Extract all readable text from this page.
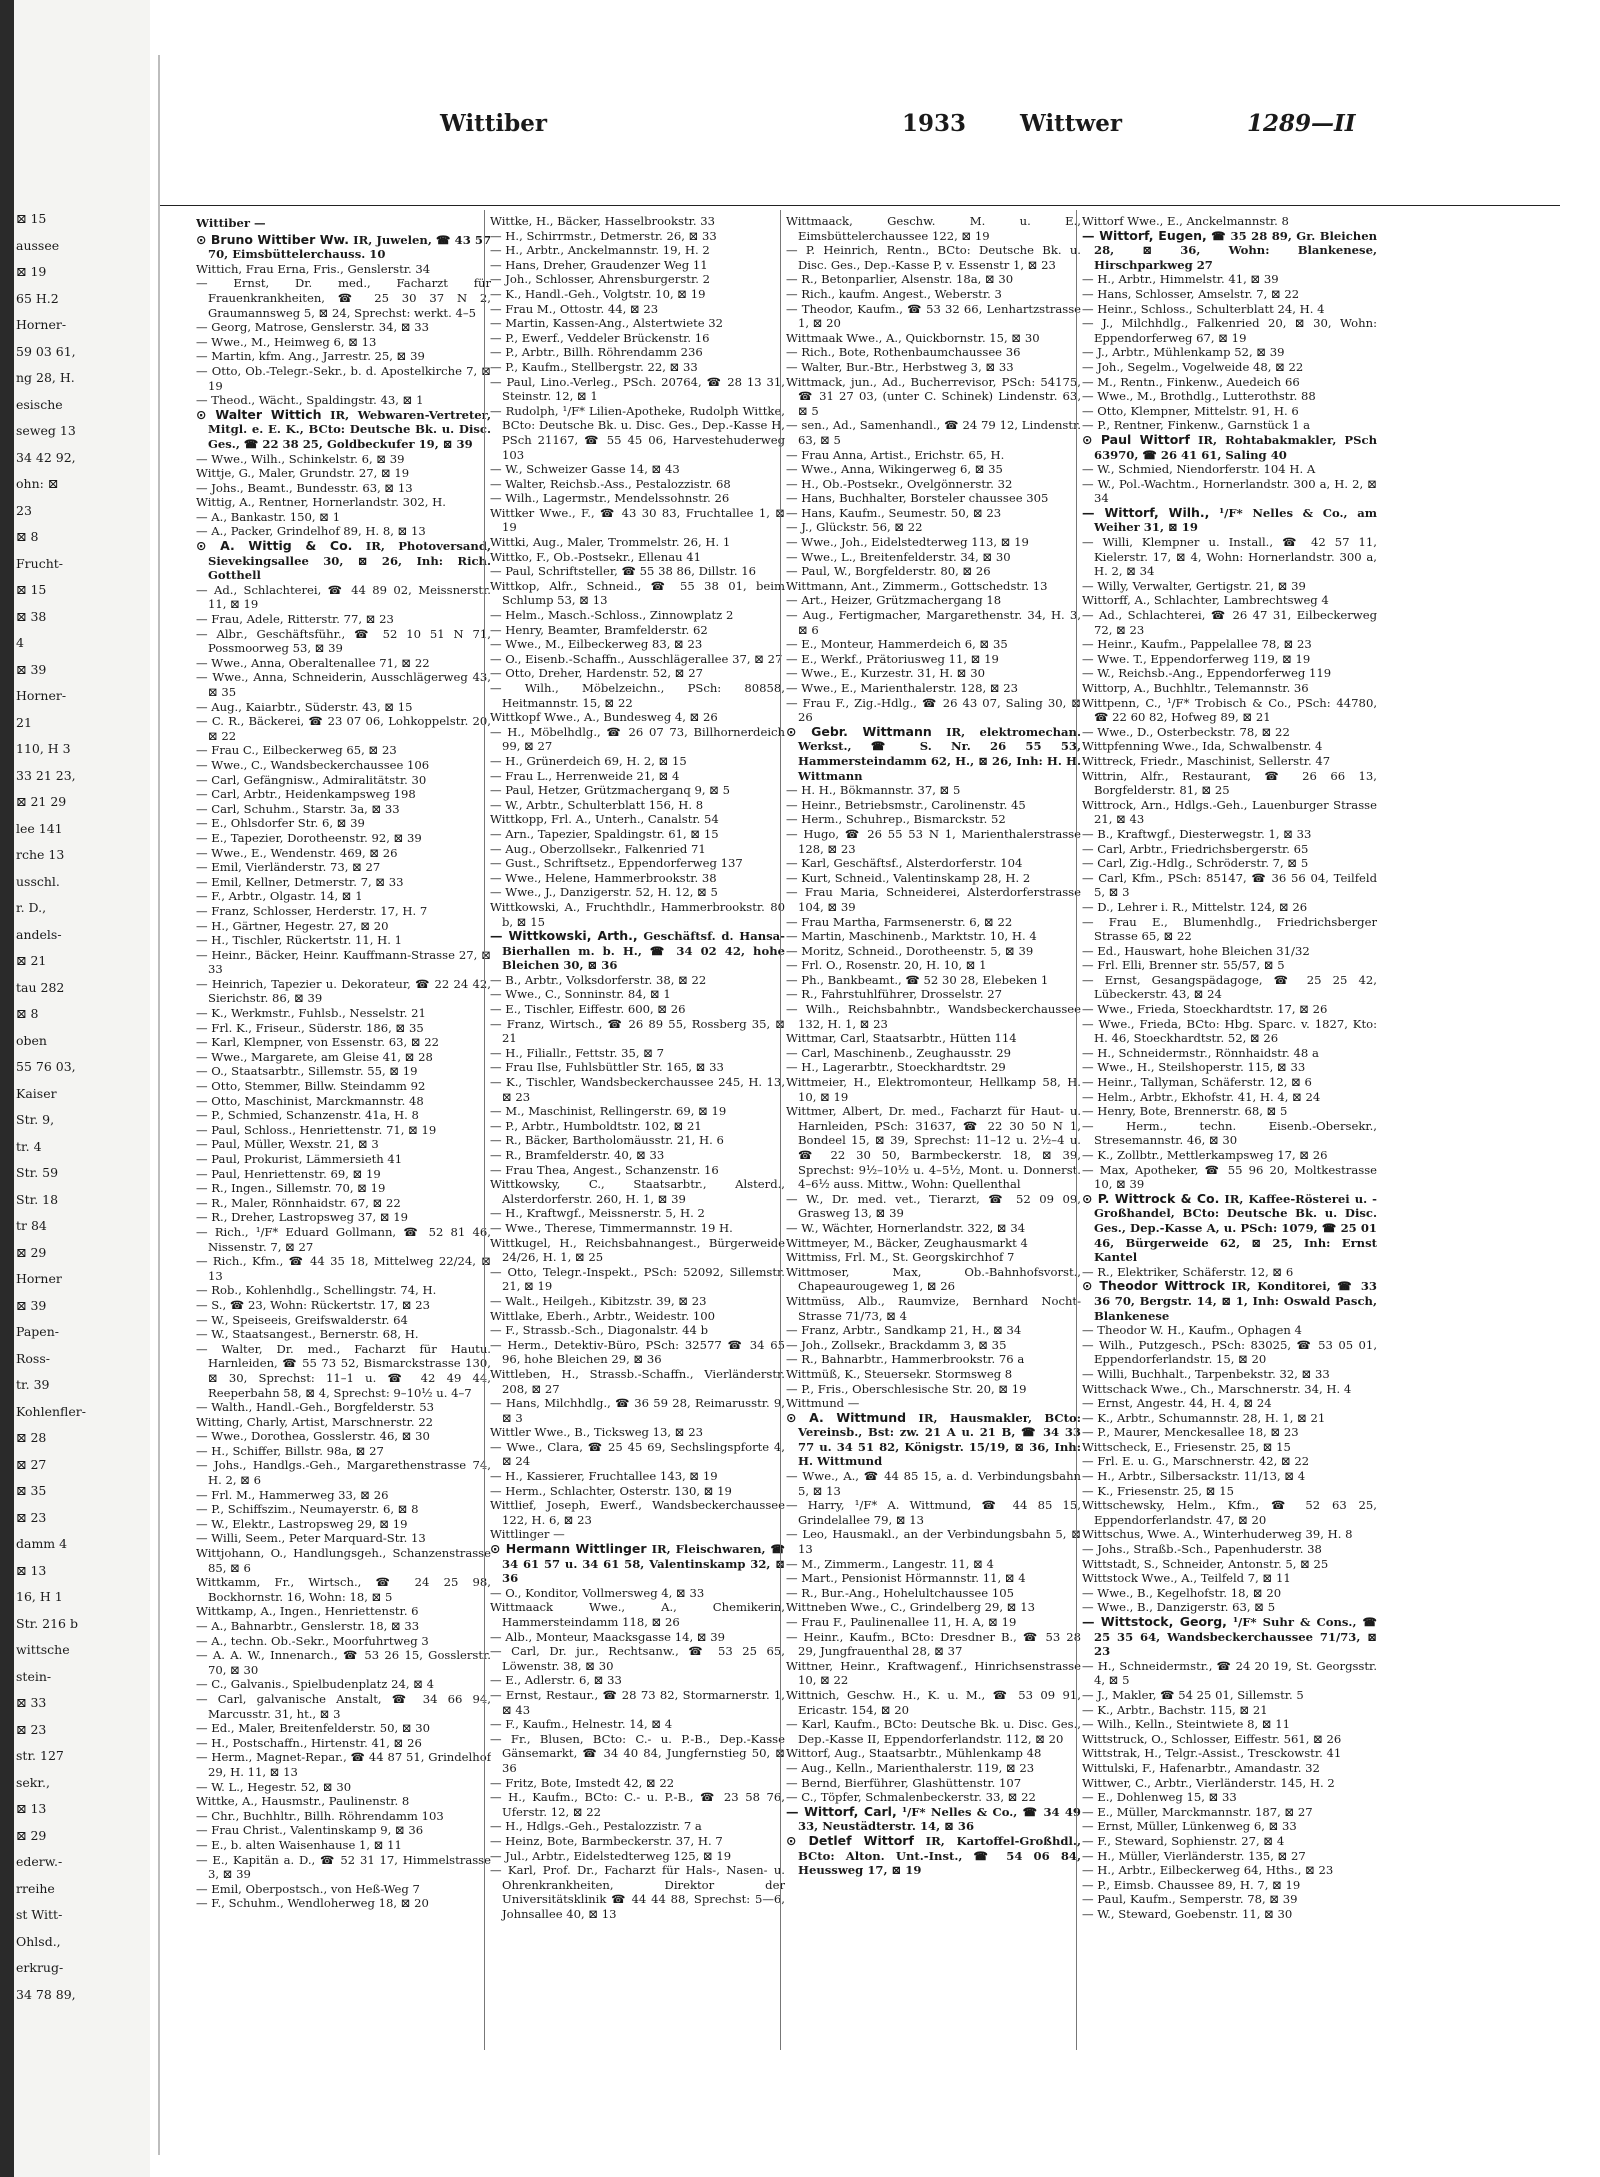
⊠ 15
aussee
⊠ 19
65 H.2
Horner-
59 03 61,
ng 28, H.
esische
seweg 13
34 42 92,
ohn: ⊠
23
⊠ 8
Frucht-
⊠ 15
⊠ 38
4
⊠ 39
Horner-
21
110, H 3
33 21 23,
⊠ 21 29
lee 141
rche 13
usschl.
r. D.,
andels-
⊠ 21
tau 282
⊠ 8
oben
55 76 03,
Kaiser
Str. 9,
tr. 4
Str. 59
Str. 18
tr 84
⊠ 29
Horner
⊠ 39
Papen-
Ross-
tr. 39
Kohlenfler-
⊠ 28
⊠ 27
⊠ 35
⊠ 23
damm 4
⊠ 13
16, H 1
Str. 216 b
wittsche
stein-
⊠ 33
⊠ 23
str. 127
sekr.,
⊠ 13
⊠ 29
ederw.-
rreihe
st Witt-
Ohlsd.,
erkrug-
34 78 89,
Wittiber	1933 Wittwer	1289—II

Wittiber —

⊙ Bruno Wittiber Ww. IR, Juwelen, ☎ 43 57 70, Eimsbüttelerchauss. 10

Wittich, Frau Erna, Fris., Genslerstr. 34

— Ernst, Dr. med., Facharzt für Frauenkrankheiten, ☎ 25 30 37 N 2, Graumannsweg 5, ⊠ 24, Sprechst: werkt. 4–5

— Georg, Matrose, Genslerstr. 34, ⊠ 33

— Wwe., M., Heimweg 6, ⊠ 13

— Martin, kfm. Ang., Jarrestr. 25, ⊠ 39

— Otto, Ob.-Telegr.-Sekr., b. d. Apostelkirche 7, ⊠ 19

— Theod., Wächt., Spaldingstr. 43, ⊠ 1

⊙ Walter Wittich IR, Webwaren-Vertreter, Mitgl. e. E. K., BCto: Deutsche Bk. u. Disc. Ges., ☎ 22 38 25, Goldbeckufer 19, ⊠ 39

— Wwe., Wilh., Schinkelstr. 6, ⊠ 39

Wittje, G., Maler, Grundstr. 27, ⊠ 19

— Johs., Beamt., Bundesstr. 63, ⊠ 13

Wittig, A., Rentner, Hornerlandstr. 302, H.

— A., Bankastr. 150, ⊠ 1

— A., Packer, Grindelhof 89, H. 8, ⊠ 13

⊙ A. Wittig & Co. IR, Photoversand, Sievekingsallee 30, ⊠ 26, Inh: Rich. Gotthell

— Ad., Schlachterei, ☎ 44 89 02, Meissnerstr. 11, ⊠ 19

— Frau, Adele, Ritterstr. 77, ⊠ 23

— Albr., Geschäftsführ., ☎ 52 10 51 N 71, Possmoorweg 53, ⊠ 39

— Wwe., Anna, Oberaltenallee 71, ⊠ 22

— Wwe., Anna, Schneiderin, Ausschlägerweg 43, ⊠ 35

— Aug., Kaiarbtr., Süderstr. 43, ⊠ 15

— C. R., Bäckerei, ☎ 23 07 06, Lohkoppelstr. 20, ⊠ 22

— Frau C., Eilbeckerweg 65, ⊠ 23

— Wwe., C., Wandsbeckerchaussee 106

— Carl, Gefängnisw., Admiralitätstr. 30

— Carl, Arbtr., Heidenkampsweg 198

— Carl, Schuhm., Starstr. 3a, ⊠ 33

— E., Ohlsdorfer Str. 6, ⊠ 39

— E., Tapezier, Dorotheenstr. 92, ⊠ 39

— Wwe., E., Wendenstr. 469, ⊠ 26

— Emil, Vierländerstr. 73, ⊠ 27

— Emil, Kellner, Detmerstr. 7, ⊠ 33

— F., Arbtr., Olgastr. 14, ⊠ 1

— Franz, Schlosser, Herderstr. 17, H. 7

— H., Gärtner, Hegestr. 27, ⊠ 20

— H., Tischler, Rückertstr. 11, H. 1

— Heinr., Bäcker, Heinr. Kauffmann-Strasse 27, ⊠ 33

— Heinrich, Tapezier u. Dekorateur, ☎ 22 24 42, Sierichstr. 86, ⊠ 39

— K., Werkmstr., Fuhlsb., Nesselstr. 21

— Frl. K., Friseur., Süderstr. 186, ⊠ 35

— Karl, Klempner, von Essenstr. 63, ⊠ 22

— Wwe., Margarete, am Gleise 41, ⊠ 28

— O., Staatsarbtr., Sillemstr. 55, ⊠ 19

— Otto, Stemmer, Billw. Steindamm 92

— Otto, Maschinist, Marckmannstr. 48

— P., Schmied, Schanzenstr. 41a, H. 8

— Paul, Schloss., Henriettenstr. 71, ⊠ 19

— Paul, Müller, Wexstr. 21, ⊠ 3

— Paul, Prokurist, Lämmersieth 41

— Paul, Henriettenstr. 69, ⊠ 19

— R., Ingen., Sillemstr. 70, ⊠ 19

— R., Maler, Rönnhaidstr. 67, ⊠ 22

— R., Dreher, Lastropsweg 37, ⊠ 19

— Rich., ¹/F* Eduard Gollmann, ☎ 52 81 46, Nissenstr. 7, ⊠ 27

— Rich., Kfm., ☎ 44 35 18, Mittelweg 22/24, ⊠ 13

— Rob., Kohlenhdlg., Schellingstr. 74, H.

— S., ☎ 23, Wohn: Rückertstr. 17, ⊠ 23

— W., Speiseeis, Greifswalderstr. 64

— W., Staatsangest., Bernerstr. 68, H.

— Walter, Dr. med., Facharzt für Hautu. Harnleiden, ☎ 55 73 52, Bismarckstrasse 130, ⊠ 30, Sprechst: 11–1 u. ☎ 42 49 44, Reeperbahn 58, ⊠ 4, Sprechst: 9–10¹⁄₂ u. 4–7

— Walth., Handl.-Geh., Borgfelderstr. 53

Witting, Charly, Artist, Marschnerstr. 22

— Wwe., Dorothea, Gosslerstr. 46, ⊠ 30

— H., Schiffer, Billstr. 98a, ⊠ 27

— Johs., Handlgs.-Geh., Margarethenstrasse 74, H. 2, ⊠ 6

— Frl. M., Hammerweg 33, ⊠ 26

— P., Schiffszim., Neumayerstr. 6, ⊠ 8

— W., Elektr., Lastropsweg 29, ⊠ 19

— Willi, Seem., Peter Marquard-Str. 13

Wittjohann, O., Handlungsgeh., Schanzenstrasse 85, ⊠ 6

Wittkamm, Fr., Wirtsch., ☎ 24 25 98, Bockhornstr. 16, Wohn: 18, ⊠ 5

Wittkamp, A., Ingen., Henriettenstr. 6

— A., Bahnarbtr., Genslerstr. 18, ⊠ 33

— A., techn. Ob.-Sekr., Moorfuhrtweg 3

— A. A. W., Innenarch., ☎ 53 26 15, Gosslerstr. 70, ⊠ 30

— C., Galvanis., Spielbudenplatz 24, ⊠ 4

— Carl, galvanische Anstalt, ☎ 34 66 94, Marcusstr. 31, ht., ⊠ 3

— Ed., Maler, Breitenfelderstr. 50, ⊠ 30

— H., Postschaffn., Hirtenstr. 41, ⊠ 26

— Herm., Magnet-Repar., ☎ 44 87 51, Grindelhof 29, H. 11, ⊠ 13

— W. L., Hegestr. 52, ⊠ 30

Wittke, A., Hausmstr., Paulinenstr. 8

— Chr., Buchhltr., Billh. Röhrendamm 103

— Frau Christ., Valentinskamp 9, ⊠ 36

— E., b. alten Waisenhause 1, ⊠ 11

— E., Kapitän a. D., ☎ 52 31 17, Himmelstrasse 3, ⊠ 39

— Emil, Oberpostsch., von Heß-Weg 7

— F., Schuhm., Wendloherweg 18, ⊠ 20

Wittke, H., Bäcker, Hasselbrookstr. 33

— H., Schirrmstr., Detmerstr. 26, ⊠ 33

— H., Arbtr., Anckelmannstr. 19, H. 2

— Hans, Dreher, Graudenzer Weg 11

— Joh., Schlosser, Ahrensburgerstr. 2

— K., Handl.-Geh., Volgtstr. 10, ⊠ 19

— Frau M., Ottostr. 44, ⊠ 23

— Martin, Kassen-Ang., Alstertwiete 32

— P., Ewerf., Veddeler Brückenstr. 16

— P., Arbtr., Billh. Röhrendamm 236

— P., Kaufm., Stellbergstr. 22, ⊠ 33

— Paul, Lino.-Verleg., PSch. 20764, ☎ 28 13 31, Steinstr. 12, ⊠ 1

— Rudolph, ¹/F* Lilien-Apotheke, Rudolph Wittke, BCto: Deutsche Bk. u. Disc. Ges., Dep.-Kasse H, PSch 21167, ☎ 55 45 06, Harvestehuderweg 103

— W., Schweizer Gasse 14, ⊠ 43

— Walter, Reichsb.-Ass., Pestalozzistr. 68

— Wilh., Lagermstr., Mendelssohnstr. 26

Wittker Wwe., F., ☎ 43 30 83, Fruchtallee 1, ⊠ 19

Wittki, Aug., Maler, Trommelstr. 26, H. 1

Wittko, F., Ob.-Postsekr., Ellenau 41

— Paul, Schriftsteller, ☎ 55 38 86, Dillstr. 16

Wittkop, Alfr., Schneid., ☎ 55 38 01, beim Schlump 53, ⊠ 13

— Helm., Masch.-Schloss., Zinnowplatz 2

— Henry, Beamter, Bramfelderstr. 62

— Wwe., M., Eilbeckerweg 83, ⊠ 23

— O., Eisenb.-Schaffn., Ausschlägerallee 37, ⊠ 27

— Otto, Dreher, Hardenstr. 52, ⊠ 27

— Wilh., Möbelzeichn., PSch: 80858, Heitmannstr. 15, ⊠ 22

Wittkopf Wwe., A., Bundesweg 4, ⊠ 26

— H., Möbelhdlg., ☎ 26 07 73, Billhornerdeich 99, ⊠ 27

— H., Grünerdeich 69, H. 2, ⊠ 15

— Frau L., Herrenweide 21, ⊠ 4

— Paul, Hetzer, Grützmacherganq 9, ⊠ 5

— W., Arbtr., Schulterblatt 156, H. 8

Wittkopp, Frl. A., Unterh., Canalstr. 54

— Arn., Tapezier, Spaldingstr. 61, ⊠ 15

— Aug., Oberzollsekr., Falkenried 71

— Gust., Schriftsetz., Eppendorferweg 137

— Wwe., Helene, Hammerbrookstr. 38

— Wwe., J., Danzigerstr. 52, H. 12, ⊠ 5

Wittkowski, A., Fruchthdlr., Hammerbrookstr. 80 b, ⊠ 15

— Wittkowski, Arth., Geschäftsf. d. Hansa-Bierhallen m. b. H., ☎ 34 02 42, hohe Bleichen 30, ⊠ 36

— B., Arbtr., Volksdorferstr. 38, ⊠ 22

— Wwe., C., Sonninstr. 84, ⊠ 1

— E., Tischler, Eiffestr. 600, ⊠ 26

— Franz, Wirtsch., ☎ 26 89 55, Rossberg 35, ⊠ 21

— H., Filiallr., Fettstr. 35, ⊠ 7

— Frau Ilse, Fuhlsbüttler Str. 165, ⊠ 33

— K., Tischler, Wandsbeckerchaussee 245, H. 13, ⊠ 23

— M., Maschinist, Rellingerstr. 69, ⊠ 19

— P., Arbtr., Humboldtstr. 102, ⊠ 21

— R., Bäcker, Bartholomäusstr. 21, H. 6

— R., Bramfelderstr. 40, ⊠ 33

— Frau Thea, Angest., Schanzenstr. 16

Wittkowsky, C., Staatsarbtr., Alsterd., Alsterdorferstr. 260, H. 1, ⊠ 39

— H., Kraftwgf., Meissnerstr. 5, H. 2

— Wwe., Therese, Timmermannstr. 19 H.

Wittkugel, H., Reichsbahnangest., Bürgerweide 24/26, H. 1, ⊠ 25

— Otto, Telegr.-Inspekt., PSch: 52092, Sillemstr. 21, ⊠ 19

— Walt., Heilgeh., Kibitzstr. 39, ⊠ 23

Wittlake, Eberh., Arbtr., Weidestr. 100

— F., Strassb.-Sch., Diagonalstr. 44 b

— Herm., Detektiv-Büro, PSch: 32577 ☎ 34 65 96, hohe Bleichen 29, ⊠ 36

Wittleben, H., Strassb.-Schaffn., Vierländerstr. 208, ⊠ 27

— Hans, Milchhdlg., ☎ 36 59 28, Reimarusstr. 9, ⊠ 3

Wittler Wwe., B., Ticksweg 13, ⊠ 23

— Wwe., Clara, ☎ 25 45 69, Sechslingspforte 4, ⊠ 24

— H., Kassierer, Fruchtallee 143, ⊠ 19

— Herm., Schlachter, Osterstr. 130, ⊠ 19

Wittlief, Joseph, Ewerf., Wandsbeckerchaussee 122, H. 6, ⊠ 23

Wittlinger —

⊙ Hermann Wittlinger IR, Fleischwaren, ☎ 34 61 57 u. 34 61 58, Valentinskamp 32, ⊠ 36

— O., Konditor, Vollmersweg 4, ⊠ 33

Wittmaack Wwe., A., Chemikerin, Hammersteindamm 118, ⊠ 26

— Alb., Monteur, Maacksgasse 14, ⊠ 39

— Carl, Dr. jur., Rechtsanw., ☎ 53 25 65, Löwenstr. 38, ⊠ 30

— E., Adlerstr. 6, ⊠ 33

— Ernst, Restaur., ☎ 28 73 82, Stormarnerstr. 1, ⊠ 43

— F., Kaufm., Helnestr. 14, ⊠ 4

— Fr., Blusen, BCto: C.- u. P.-B., Dep.-Kasse Gänsemarkt, ☎ 34 40 84, Jungfernstieg 50, ⊠ 36

— Fritz, Bote, Imstedt 42, ⊠ 22

— H., Kaufm., BCto: C.- u. P.-B., ☎ 23 58 76, Uferstr. 12, ⊠ 22

— H., Hdlgs.-Geh., Pestalozzistr. 7 a

— Heinz, Bote, Barmbeckerstr. 37, H. 7

— Jul., Arbtr., Eidelstedterweg 125, ⊠ 19

— Karl, Prof. Dr., Facharzt für Hals-, Nasen- u. Ohrenkrankheiten, Direktor der Universitätsklinik ☎ 44 44 88, Sprechst: 5—6, Johnsallee 40, ⊠ 13

Wittmaack, Geschw. M. u. E., Eimsbüttelerchaussee 122, ⊠ 19

— P. Heinrich, Rentn., BCto: Deutsche Bk. u. Disc. Ges., Dep.-Kasse P, v. Essenstr 1, ⊠ 23

— R., Betonparlier, Alsenstr. 18a, ⊠ 30

— Rich., kaufm. Angest., Weberstr. 3

— Theodor, Kaufm., ☎ 53 32 66, Lenhartzstrasse 1, ⊠ 20

Wittmaak Wwe., A., Quickbornstr. 15, ⊠ 30

— Rich., Bote, Rothenbaumchaussee 36

— Walter, Bur.-Btr., Herbstweg 3, ⊠ 33

Wittmack, jun., Ad., Bucherrevisor, PSch: 54175, ☎ 31 27 03, (unter C. Schinek) Lindenstr. 63, ⊠ 5

— sen., Ad., Samenhandl., ☎ 24 79 12, Lindenstr. 63, ⊠ 5

— Frau Anna, Artist., Erichstr. 65, H.

— Wwe., Anna, Wikingerweg 6, ⊠ 35

— H., Ob.-Postsekr., Ovelgönnerstr. 32

— Hans, Buchhalter, Borsteler chaussee 305

— Hans, Kaufm., Seumestr. 50, ⊠ 23

— J., Glückstr. 56, ⊠ 22

— Wwe., Joh., Eidelstedterweg 113, ⊠ 19

— Wwe., L., Breitenfelderstr. 34, ⊠ 30

— Paul, W., Borgfelderstr. 80, ⊠ 26

Wittmann, Ant., Zimmerm., Gottschedstr. 13

— Art., Heizer, Grützmachergang 18

— Aug., Fertigmacher, Margarethenstr. 34, H. 3, ⊠ 6

— E., Monteur, Hammerdeich 6, ⊠ 35

— E., Werkf., Prätoriusweg 11, ⊠ 19

— Wwe., E., Kurzestr. 31, H. ⊠ 30

— Wwe., E., Marienthalerstr. 128, ⊠ 23

— Frau F., Zig.-Hdlg., ☎ 26 43 07, Saling 30, ⊠ 26

⊙ Gebr. Wittmann IR, elektromechan. Werkst., ☎ S. Nr. 26 55 53, Hammersteindamm 62, H., ⊠ 26, Inh: H. H. Wittmann

— H. H., Bökmannstr. 37, ⊠ 5

— Heinr., Betriebsmstr., Carolinenstr. 45

— Herm., Schuhrep., Bismarckstr. 52

— Hugo, ☎ 26 55 53 N 1, Marienthalerstrasse 128, ⊠ 23

— Karl, Geschäftsf., Alsterdorferstr. 104

— Kurt, Schneid., Valentinskamp 28, H. 2

— Frau Maria, Schneiderei, Alsterdorferstrasse 104, ⊠ 39

— Frau Martha, Farmsenerstr. 6, ⊠ 22

— Martin, Maschinenb., Marktstr. 10, H. 4

— Moritz, Schneid., Dorotheenstr. 5, ⊠ 39

— Frl. O., Rosenstr. 20, H. 10, ⊠ 1

— Ph., Bankbeamt., ☎ 52 30 28, Elebeken 1

— R., Fahrstuhlführer, Drosselstr. 27

— Wilh., Reichsbahnbtr., Wandsbeckerchaussee 132, H. 1, ⊠ 23

Wittmar, Carl, Staatsarbtr., Hütten 114

— Carl, Maschinenb., Zeughausstr. 29

— H., Lagerarbtr., Stoeckhardtstr. 29

Wittmeier, H., Elektromonteur, Hellkamp 58, H. 10, ⊠ 19

Wittmer, Albert, Dr. med., Facharzt für Haut- u. Harnleiden, PSch: 31637, ☎ 22 30 50 N 1, Bondeel 15, ⊠ 39, Sprechst: 11–12 u. 2¹⁄₂–4 u. ☎ 22 30 50, Barmbeckerstr. 18, ⊠ 39, Sprechst: 9¹⁄₂–10¹⁄₂ u. 4–5¹⁄₂, Mont. u. Donnerst. 4–6¹⁄₂ auss. Mittw., Wohn: Quellenthal

— W., Dr. med. vet., Tierarzt, ☎ 52 09 09, Grasweg 13, ⊠ 39

— W., Wächter, Hornerlandstr. 322, ⊠ 34

Wittmeyer, M., Bäcker, Zeughausmarkt 4

Wittmiss, Frl. M., St. Georgskirchhof 7

Wittmoser, Max, Ob.-Bahnhofsvorst., Chapeaurougeweg 1, ⊠ 26

Wittmüss, Alb., Raumvize, Bernhard Nocht-Strasse 71/73, ⊠ 4

— Franz, Arbtr., Sandkamp 21, H., ⊠ 34

— Joh., Zollsekr., Brackdamm 3, ⊠ 35

— R., Bahnarbtr., Hammerbrookstr. 76 a

Wittmüß, K., Steuersekr. Stormsweg 8

— P., Fris., Oberschlesische Str. 20, ⊠ 19

Wittmund —

⊙ A. Wittmund IR, Hausmakler, BCto: Vereinsb., Bst: zw. 21 A u. 21 B, ☎ 34 33 77 u. 34 51 82, Königstr. 15/19, ⊠ 36, Inh: H. Wittmund

— Wwe., A., ☎ 44 85 15, a. d. Verbindungsbahn 5, ⊠ 13

— Harry, ¹/F* A. Wittmund, ☎ 44 85 15, Grindelallee 79, ⊠ 13

— Leo, Hausmakl., an der Verbindungsbahn 5, ⊠ 13

— M., Zimmerm., Langestr. 11, ⊠ 4

— Mart., Pensionist Hörmannstr. 11, ⊠ 4

— R., Bur.-Ang., Hohelultchaussee 105

Wittneben Wwe., C., Grindelberg 29, ⊠ 13

— Frau F., Paulinenallee 11, H. A, ⊠ 19

— Heinr., Kaufm., BCto: Dresdner B., ☎ 53 28 29, Jungfrauenthal 28, ⊠ 37

Wittner, Heinr., Kraftwagenf., Hinrichsenstrasse 10, ⊠ 22

Wittnich, Geschw. H., K. u. M., ☎ 53 09 91, Ericastr. 154, ⊠ 20

— Karl, Kaufm., BCto: Deutsche Bk. u. Disc. Ges., Dep.-Kasse II, Eppendorferlandstr. 112, ⊠ 20

Wittorf, Aug., Staatsarbtr., Mühlenkamp 48

— Aug., Kelln., Marienthalerstr. 119, ⊠ 23

— Bernd, Bierführer, Glashüttenstr. 107

— C., Töpfer, Schmalenbeckerstr. 33, ⊠ 22

— Wittorf, Carl, ¹/F* Nelles & Co., ☎ 34 49 33, Neustädterstr. 14, ⊠ 36

⊙ Detlef Wittorf IR, Kartoffel-Großhdl., BCto: Alton. Unt.-Inst., ☎ 54 06 84, Heussweg 17, ⊠ 19

Wittorf Wwe., E., Anckelmannstr. 8

— Wittorf, Eugen, ☎ 35 28 89, Gr. Bleichen 28, ⊠ 36, Wohn: Blankenese, Hirschparkweg 27

— H., Arbtr., Himmelstr. 41, ⊠ 39

— Hans, Schlosser, Amselstr. 7, ⊠ 22

— Heinr., Schloss., Schulterblatt 24, H. 4

— J., Milchhdlg., Falkenried 20, ⊠ 30, Wohn: Eppendorferweg 67, ⊠ 19

— J., Arbtr., Mühlenkamp 52, ⊠ 39

— Joh., Segelm., Vogelweide 48, ⊠ 22

— M., Rentn., Finkenw., Auedeich 66

— Wwe., M., Brothdlg., Lutterothstr. 88

— Otto, Klempner, Mittelstr. 91, H. 6

— P., Rentner, Finkenw., Garnstück 1 a

⊙ Paul Wittorf IR, Rohtabakmakler, PSch 63970, ☎ 26 41 61, Saling 40

— W., Schmied, Niendorferstr. 104 H. A

— W., Pol.-Wachtm., Hornerlandstr. 300 a, H. 2, ⊠ 34

— Wittorf, Wilh., ¹/F* Nelles & Co., am Weiher 31, ⊠ 19

— Willi, Klempner u. Install., ☎ 42 57 11, Kielerstr. 17, ⊠ 4, Wohn: Hornerlandstr. 300 a, H. 2, ⊠ 34

— Willy, Verwalter, Gertigstr. 21, ⊠ 39

Wittorff, A., Schlachter, Lambrechtsweg 4

— Ad., Schlachterei, ☎ 26 47 31, Eilbeckerweg 72, ⊠ 23

— Heinr., Kaufm., Pappelallee 78, ⊠ 23

— Wwe. T., Eppendorferweg 119, ⊠ 19

— W., Reichsb.-Ang., Eppendorferweg 119

Wittorp, A., Buchhltr., Telemannstr. 36

Wittpenn, C., ¹/F* Trobisch & Co., PSch: 44780, ☎ 22 60 82, Hofweg 89, ⊠ 21

— Wwe., D., Osterbeckstr. 78, ⊠ 22

Wittpfenning Wwe., Ida, Schwalbenstr. 4

Wittreck, Friedr., Maschinist, Sellerstr. 47

Wittrin, Alfr., Restaurant, ☎ 26 66 13, Borgfelderstr. 81, ⊠ 25

Wittrock, Arn., Hdlgs.-Geh., Lauenburger Strasse 21, ⊠ 43

— B., Kraftwgf., Diesterwegstr. 1, ⊠ 33

— Carl, Arbtr., Friedrichsbergerstr. 65

— Carl, Zig.-Hdlg., Schröderstr. 7, ⊠ 5

— Carl, Kfm., PSch: 85147, ☎ 36 56 04, Teilfeld 5, ⊠ 3

— D., Lehrer i. R., Mittelstr. 124, ⊠ 26

— Frau E., Blumenhdlg., Friedrichsberger Strasse 65, ⊠ 22

— Ed., Hauswart, hohe Bleichen 31/32

— Frl. Elli, Brenner str. 55/57, ⊠ 5

— Ernst, Gesangspädagoge, ☎ 25 25 42, Lübeckerstr. 43, ⊠ 24

— Wwe., Frieda, Stoeckhardtstr. 17, ⊠ 26

— Wwe., Frieda, BCto: Hbg. Sparc. v. 1827, Kto: H. 46, Stoeckhardtstr. 52, ⊠ 26

— H., Schneidermstr., Rönnhaidstr. 48 a

— Wwe., H., Steilshoperstr. 115, ⊠ 33

— Heinr., Tallyman, Schäferstr. 12, ⊠ 6

— Helm., Arbtr., Ekhofstr. 41, H. 4, ⊠ 24

— Henry, Bote, Brennerstr. 68, ⊠ 5

— Herm., techn. Eisenb.-Obersekr., Stresemannstr. 46, ⊠ 30

— K., Zollbtr., Mettlerkampsweg 17, ⊠ 26

— Max, Apotheker, ☎ 55 96 20, Moltkestrasse 10, ⊠ 39

⊙ P. Wittrock & Co. IR, Kaffee-Rösterei u. -Großhandel, BCto: Deutsche Bk. u. Disc. Ges., Dep.-Kasse A, u. PSch: 1079, ☎ 25 01 46, Bürgerweide 62, ⊠ 25, Inh: Ernst Kantel

— R., Elektriker, Schäferstr. 12, ⊠ 6

⊙ Theodor Wittrock IR, Konditorei, ☎ 33 36 70, Bergstr. 14, ⊠ 1, Inh: Oswald Pasch, Blankenese

— Theodor W. H., Kaufm., Ophagen 4

— Wilh., Putzgesch., PSch: 83025, ☎ 53 05 01, Eppendorferlandstr. 15, ⊠ 20

— Willi, Buchhalt., Tarpenbekstr. 32, ⊠ 33

Wittschack Wwe., Ch., Marschnerstr. 34, H. 4

— Ernst, Angestr. 44, H. 4, ⊠ 24

— K., Arbtr., Schumannstr. 28, H. 1, ⊠ 21

— P., Maurer, Menckesallee 18, ⊠ 23

Wittscheck, E., Friesenstr. 25, ⊠ 15

— Frl. E. u. G., Marschnerstr. 42, ⊠ 22

— H., Arbtr., Silbersackstr. 11/13, ⊠ 4

— K., Friesenstr. 25, ⊠ 15

Wittschewsky, Helm., Kfm., ☎ 52 63 25, Eppendorferlandstr. 47, ⊠ 20

Wittschus, Wwe. A., Winterhuderweg 39, H. 8

— Johs., Straßb.-Sch., Papenhuderstr. 38

Wittstadt, S., Schneider, Antonstr. 5, ⊠ 25

Wittstock Wwe., A., Teilfeld 7, ⊠ 11

— Wwe., B., Kegelhofstr. 18, ⊠ 20

— Wwe., B., Danzigerstr. 63, ⊠ 5

— Wittstock, Georg, ¹/F* Suhr & Cons., ☎ 25 35 64, Wandsbeckerchaussee 71/73, ⊠ 23

— H., Schneidermstr., ☎ 24 20 19, St. Georgsstr. 4, ⊠ 5

— J., Makler, ☎ 54 25 01, Sillemstr. 5

— K., Arbtr., Bachstr. 115, ⊠ 21

— Wilh., Kelln., Steintwiete 8, ⊠ 11

Wittstruck, O., Schlosser, Eiffestr. 561, ⊠ 26

Wittstrak, H., Telgr.-Assist., Tresckowstr. 41

Wittulski, F., Hafenarbtr., Amandastr. 32

Wittwer, C., Arbtr., Vierländerstr. 145, H. 2

— E., Dohlenweg 15, ⊠ 33

— E., Müller, Marckmannstr. 187, ⊠ 27

— Ernst, Müller, Lünkenweg 6, ⊠ 33

— F., Steward, Sophienstr. 27, ⊠ 4

— H., Müller, Vierländerstr. 135, ⊠ 27

— H., Arbtr., Eilbeckerweg 64, Hths., ⊠ 23

— P., Eimsb. Chaussee 89, H. 7, ⊠ 19

— Paul, Kaufm., Semperstr. 78, ⊠ 39

— W., Steward, Goebenstr. 11, ⊠ 30
